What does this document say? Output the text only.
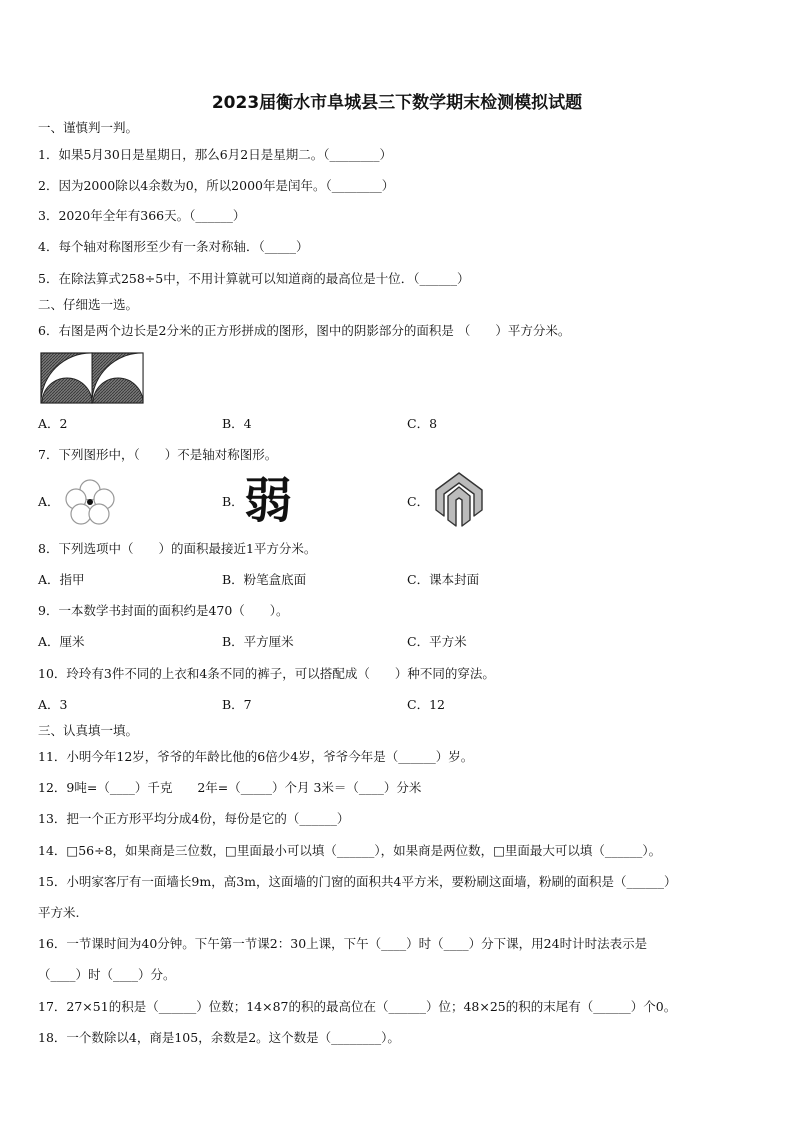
2023届衡水市阜城县三下数学期末检测模拟试题
一、谨慎判一判。
1．如果5月30日是星期日，那么6月2日是星期二。（________）
2．因为2000除以4余数为0，所以2000年是闰年。（________）
3．2020年全年有366天。（______）
4．每个轴对称图形至少有一条对称轴．（_____）
5．在除法算式258÷5中，不用计算就可以知道商的最高位是十位．（______）
二、仔细选一选。
6．右图是两个边长是2分米的正方形拼成的图形，图中的阴影部分的面积是 （　　）平方分米。
A．2	B．4	C．8
7．下列图形中，（　　）不是轴对称图形。
A．	B． 弱	C．
8．下列选项中（　　）的面积最接近1平方分米。
A．指甲	B．粉笔盒底面	C．课本封面
9．一本数学书封面的面积约是470（　　）。
A．厘米	B．平方厘米	C．平方米
10．玲玲有3件不同的上衣和4条不同的裤子，可以搭配成（　　）种不同的穿法。
A．3	B．7	C．12
三、认真填一填。
11．小明今年12岁，爷爷的年龄比他的6倍少4岁，爷爷今年是（______）岁。
12．9吨=（____）千克　　2年=（_____）个月 3米＝（____）分米
13．把一个正方形平均分成4份，每份是它的（______）
14．□56÷8，如果商是三位数，□里面最小可以填（______），如果商是两位数，□里面最大可以填（______）。
15．小明家客厅有一面墙长9m，高3m，这面墙的门窗的面积共4平方米，要粉刷这面墙，粉刷的面积是（______）
平方米.
16．一节课时间为40分钟。下午第一节课2：30上课，下午（____）时（____）分下课，用24时计时法表示是
（____）时（____）分。
17．27×51的积是（______）位数；14×87的积的最高位在（______）位；48×25的积的末尾有（______）个0。
18．一个数除以4，商是105，余数是2。这个数是（________）。
